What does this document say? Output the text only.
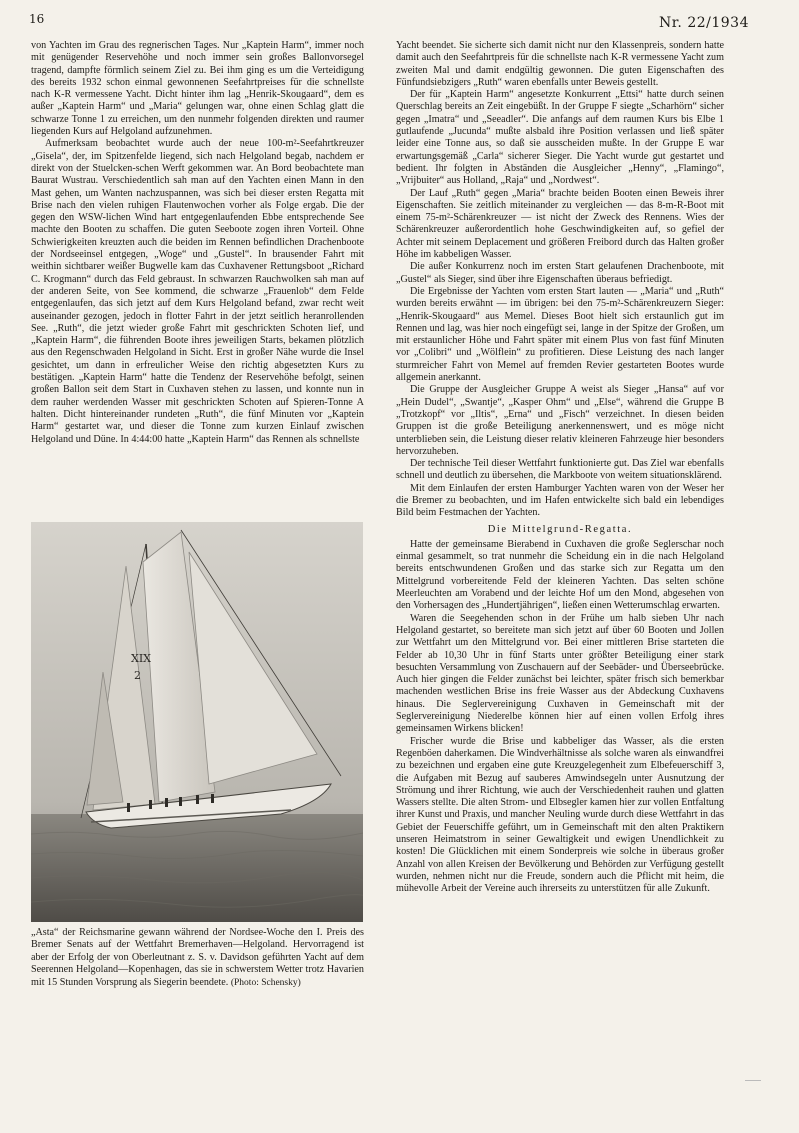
16	Nr. 22/1934

von Yachten im Grau des regnerischen Tages. Nur „Kaptein Harm“, immer noch mit genügender Reservehöhe und noch immer sein großes Ballonvorsegel tragend, dampfte förmlich seinem Ziel zu. Bei ihm ging es um die Verteidigung des bereits 1932 schon einmal gewonnenen Seefahrtpreises für die schnellste nach K-R vermessene Yacht. Dicht hinter ihm lag „Henrik-Skougaard“, dem es außer „Kaptein Harm“ und „Maria“ gelungen war, ohne einen Schlag glatt die schwarze Tonne 1 zu erreichen, um den nunmehr folgenden direkten und raumer liegenden Kurs auf Helgoland aufzunehmen.

Aufmerksam beobachtet wurde auch der neue 100-m²-Seefahrtkreuzer „Gisela“, der, im Spitzenfelde liegend, sich nach Helgoland begab, nachdem er direkt von der Stuelcken-schen Werft gekommen war. An Bord beobachtete man Baurat Wustrau. Verschiedentlich sah man auf den Yachten einen Mann in den Mast gehen, um Wanten nachzuspannen, was sich bei dieser ersten Regatta mit Brise nach den vielen ruhigen Flautenwochen vorher als Folge ergab. Die der gegen den WSW-lichen Wind hart entgegenlaufenden Ebbe entsprechende See machte den Booten zu schaffen. Die guten Seeboote zogen ihren Vorteil. Ohne Schwierigkeiten kreuzten auch die beiden im Rennen befindlichen Drachenboote der Nordseeinsel entgegen, „Woge“ und „Gustel“. In brausender Fahrt mit weithin sichtbarer weißer Bugwelle kam das Cuxhavener Rettungsboot „Richard C. Krogmann“ durch das Feld gebraust. In schwarzen Rauchwolken sah man auf der anderen Seite, von See kommend, die schwarze „Frauenlob“ dem Felde entgegenlaufen, das sich jetzt auf dem Kurs Helgoland befand, zwar recht weit auseinander gezogen, jedoch in flotter Fahrt in der jetzt seitlich heranrollenden See. „Ruth“, die jetzt wieder große Fahrt mit geschrickten Schoten lief, und „Kaptein Harm“, die führenden Boote ihres jeweiligen Starts, bekamen plötzlich aus den Regenschwaden Helgoland in Sicht. Erst in großer Nähe wurde die Insel gesichtet, um dann in erfreulicher Weise den richtig abgesetzten Kurs zu bestätigen. „Kaptein Harm“ hatte die Tendenz der Reservehöhe befolgt, seinen großen Ballon seit dem Start in Cuxhaven stehen zu lassen, und konnte nun in dem rauher werdenden Wasser mit geschrickten Schoten auf Spieren-Tonne A halten. Dicht hintereinander rundeten „Ruth“, die fünf Minuten vor „Kaptein Harm“ gestartet war, und dieser die Tonne zum kurzen Einlauf zwischen Helgoland und Düne. In 4:44:00 hatte „Kaptein Harm“ das Rennen als schnellste

XIX
2
„Asta“ der Reichsmarine gewann während der Nordsee-Woche den I. Preis des Bremer Senats auf der Wettfahrt Bremerhaven—Helgoland. Hervorragend ist aber der Erfolg der von Oberleutnant z. S. v. Davidson geführten Yacht auf dem Seerennen Helgoland—Kopenhagen, das sie in schwerstem Wetter trotz Havarien mit 15 Stunden Vorsprung als Siegerin beendete. (Photo: Schensky)

Yacht beendet. Sie sicherte sich damit nicht nur den Klassenpreis, sondern hatte damit auch den Seefahrtpreis für die schnellste nach K-R vermessene Yacht zum zweiten Mal und damit endgültig gewonnen. Die guten Eigenschaften des Fünfundsiebzigers „Ruth“ waren ebenfalls unter Beweis gestellt.

Der für „Kaptein Harm“ angesetzte Konkurrent „Ettsi“ hatte durch seinen Querschlag bereits an Zeit eingebüßt. In der Gruppe F siegte „Scharhörn“ sicher gegen „Imatra“ und „Seeadler“. Die anfangs auf dem raumen Kurs bis Elbe 1 gutlaufende „Jucunda“ mußte alsbald ihre Position verlassen und ließ später leider eine Tonne aus, so daß sie ausscheiden mußte. In der Gruppe E war erwartungsgemäß „Carla“ sicherer Sieger. Die Yacht wurde gut gestartet und bedient. Ihr folgten in Abständen die Ausgleicher „Henny“, „Flamingo“, „Vrijbuiter“ aus Holland, „Raja“ und „Nordwest“.

Der Lauf „Ruth“ gegen „Maria“ brachte beiden Booten einen Beweis ihrer Eigenschaften. Sie zeitlich miteinander zu vergleichen — das 8-m-R-Boot mit einem 75-m²-Schärenkreuzer — ist nicht der Zweck des Rennens. Wies der Schärenkreuzer außerordentlich hohe Geschwindigkeiten auf, so gefiel der Achter mit seinem Deplacement und größeren Freibord durch das Halten großer Höhe im kabbeligen Wasser.

Die außer Konkurrenz noch im ersten Start gelaufenen Drachenboote, mit „Gustel“ als Sieger, sind über ihre Eigenschaften überaus befriedigt.

Die Ergebnisse der Yachten vom ersten Start lauten — „Maria“ und „Ruth“ wurden bereits erwähnt — im übrigen: bei den 75-m²-Schärenkreuzern Sieger: „Henrik-Skougaard“ aus Memel. Dieses Boot hielt sich erstaunlich gut im Rennen und lag, was hier noch eingefügt sei, lange in der Spitze der Großen, um mit erstaunlicher Höhe und Fahrt später mit einem Plus von fast fünf Minuten vor „Colibri“ und „Wölflein“ zu profitieren. Diese Leistung des nach langer sturmreicher Fahrt von Memel auf fremden Revier gestarteten Bootes wurde allgemein anerkannt.

Die Gruppe der Ausgleicher Gruppe A weist als Sieger „Hansa“ auf vor „Hein Dudel“, „Swantje“, „Kasper Ohm“ und „Else“, während die Gruppe B „Trotzkopf“ vor „Iltis“, „Erna“ und „Fisch“ verzeichnet. In diesen beiden Gruppen ist die große Beteiligung anerkennenswert, und es möge nicht unterblieben sein, die Leistung dieser relativ kleineren Fahrzeuge hier besonders hervorzuheben.

Der technische Teil dieser Wettfahrt funktionierte gut. Das Ziel war ebenfalls schnell und deutlich zu übersehen, die Markboote von weitem situationsklärend.

Mit dem Einlaufen der ersten Hamburger Yachten waren von der Weser her die Bremer zu beobachten, und im Hafen entwickelte sich bald ein lebendiges Bild beim Festmachen der Yachten.

Die Mittelgrund-Regatta.

Hatte der gemeinsame Bierabend in Cuxhaven die große Seglerschar noch einmal gesammelt, so trat nunmehr die Scheidung ein in die nach Helgoland bereits entschwundenen Großen und das starke sich zur Regatta um den Mittelgrund vorbereitende Feld der kleineren Yachten. Das selten schöne Meerleuchten am Vorabend und der leichte Hof um den Mond, abgesehen von den Vorhersagen des „Hundertjährigen“, ließen einen Wetterumschlag erwarten.

Waren die Seegehenden schon in der Frühe um halb sieben Uhr nach Helgoland gestartet, so bereitete man sich jetzt auf über 60 Booten und Jollen zur Wettfahrt um den Mittelgrund vor. Bei einer mittleren Brise starteten die Felder ab 10,30 Uhr in fünf Starts unter größter Beteiligung einer stark besuchten Versammlung von Zuschauern auf der Seebäder- und Überseebrücke. Auch hier gingen die Felder zunächst bei leichter, später frisch sich bemerkbar machenden westlichen Brise ins freie Wasser aus der Abdeckung Cuxhavens hinaus. Die Seglervereinigung Cuxhaven in Gemeinschaft mit der Seglervereinigung Niederelbe können hier auf einen vollen Erfolg ihres gemeinsamen Wirkens blicken!

Frischer wurde die Brise und kabbeliger das Wasser, als die ersten Regenböen daherkamen. Die Windverhältnisse als solche waren als einwandfrei zu bezeichnen und ergaben eine gute Kreuzgelegenheit zum Elbefeuerschiff 3, die Aufgaben mit Bezug auf sauberes Amwindsegeln unter Ausnutzung der Strömung und ihrer Richtung, wie auch der Verschiedenheit rauhen und glatten Wassers stellte. Die alten Strom- und Elbsegler kamen hier zur vollen Entfaltung ihrer Kunst und Praxis, und mancher Neuling wurde durch diese Wettfahrt in das Gebiet der Feuerschiffe geführt, um in Gemeinschaft mit den alten Praktikern unseren Heimatstrom in seiner Gewaltigkeit und ewigen Unendlichkeit zu kosten! Die Glücklichen mit einem Sonderpreis wie solche in überaus großer Anzahl von allen Kreisen der Bevölkerung und Behörden zur Verfügung gestellt wurden, nehmen nicht nur die Freude, sondern auch die Pflicht mit heim, die mühevolle Arbeit der Vereine auch ihrerseits zu unterstützen für alle Zukunft.
